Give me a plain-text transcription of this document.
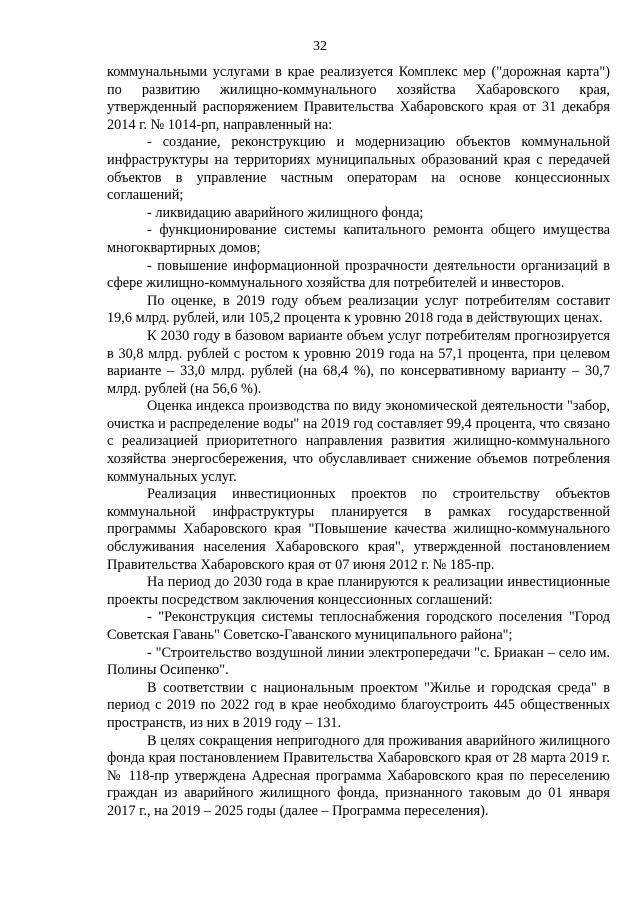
32

коммунальными услугами в крае реализуется Комплекс мер ("дорожная карта") по развитию жилищно-коммунального хозяйства Хабаровского края, утвержденный распоряжением Правительства Хабаровского края от 31 декабря 2014 г. № 1014-рп, направленный на:

- создание, реконструкцию и модернизацию объектов коммунальной инфраструктуры на территориях муниципальных образований края с передачей объектов в управление частным операторам на основе концессионных соглашений;

- ликвидацию аварийного жилищного фонда;

- функционирование системы капитального ремонта общего имущества многоквартирных домов;

- повышение информационной прозрачности деятельности организаций в сфере жилищно-коммунального хозяйства для потребителей и инвесторов.

По оценке, в 2019 году объем реализации услуг потребителям составит 19,6 млрд. рублей, или 105,2 процента к уровню 2018 года в действующих ценах.

К 2030 году в базовом варианте объем услуг потребителям прогнозируется в 30,8 млрд. рублей с ростом к уровню 2019 года на 57,1 процента, при целевом варианте – 33,0 млрд. рублей (на 68,4 %), по консервативному варианту – 30,7 млрд. рублей (на 56,6 %).

Оценка индекса производства по виду экономической деятельности "забор, очистка и распределение воды" на 2019 год составляет 99,4 процента, что связано с реализацией приоритетного направления развития жилищно-коммунального хозяйства энергосбережения, что обуславливает снижение объемов потребления коммунальных услуг.

Реализация инвестиционных проектов по строительству объектов коммунальной инфраструктуры планируется в рамках государственной программы Хабаровского края "Повышение качества жилищно-коммунального обслуживания населения Хабаровского края", утвержденной постановлением Правительства Хабаровского края от 07 июня 2012 г. № 185-пр.

На период до 2030 года в крае планируются к реализации инвестиционные проекты посредством заключения концессионных соглашений:

- "Реконструкция системы теплоснабжения городского поселения "Город Советская Гавань" Советско-Гаванского муниципального района";

- "Строительство воздушной линии электропередачи "с. Бриакан – село им. Полины Осипенко".

В соответствии с национальным проектом "Жилье и городская среда" в период с 2019 по 2022 год в крае необходимо благоустроить 445 общественных пространств, из них в 2019 году – 131.

В целях сокращения непригодного для проживания аварийного жилищного фонда края постановлением Правительства Хабаровского края от 28 марта 2019 г. № 118-пр утверждена Адресная программа Хабаровского края по переселению граждан из аварийного жилищного фонда, признанного таковым до 01 января 2017 г., на 2019 – 2025 годы (далее – Программа переселения).
